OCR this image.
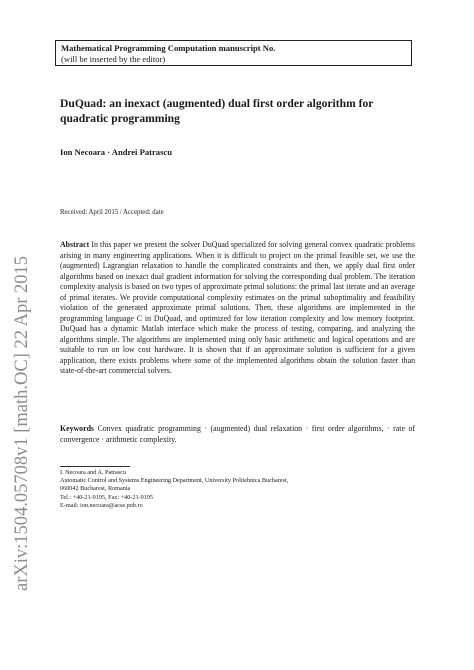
Mathematical Programming Computation manuscript No.
(will be inserted by the editor)
arXiv:1504.05708v1 [math.OC] 22 Apr 2015
DuQuad: an inexact (augmented) dual first order algorithm for quadratic programming
Ion Necoara · Andrei Patrascu
Received: April 2015 / Accepted: date

Abstract In this paper we present the solver DuQuad specialized for solving general convex quadratic problems arising in many engineering applications. When it is difficult to project on the primal feasible set, we use the (augmented) Lagrangian relaxation to handle the complicated constraints and then, we apply dual first order algorithms based on inexact dual gradient information for solving the corresponding dual problem. The iteration complexity analysis is based on two types of approximate primal solutions: the primal last iterate and an average of primal iterates. We provide computational complexity estimates on the primal suboptimality and feasibility violation of the generated approximate primal solutions. Then, these algorithms are implemented in the programming language C in DuQuad, and optimized for low iteration complexity and low memory footprint. DuQuad has a dynamic Matlab interface which make the process of testing, comparing, and analyzing the algorithms simple. The algorithms are implemented using only basic arithmetic and logical operations and are suitable to run on low cost hardware. It is shown that if an approximate solution is sufficient for a given application, there exists problems where some of the implemented algorithms obtain the solution faster than state-of-the-art commercial solvers.

Keywords Convex quadratic programming · (augmented) dual relaxation · first order algorithms, · rate of convergence · arithmetic complexity.

I. Necoara and A. Patrascu
Automatic Control and Systems Engineering Department, University Politehnica Bucharest,
060042 Bucharest, Romania
Tel.: +40-21-9195, Fax: +40-21-9195
E-mail: ion.necoara@acse.pub.ro
